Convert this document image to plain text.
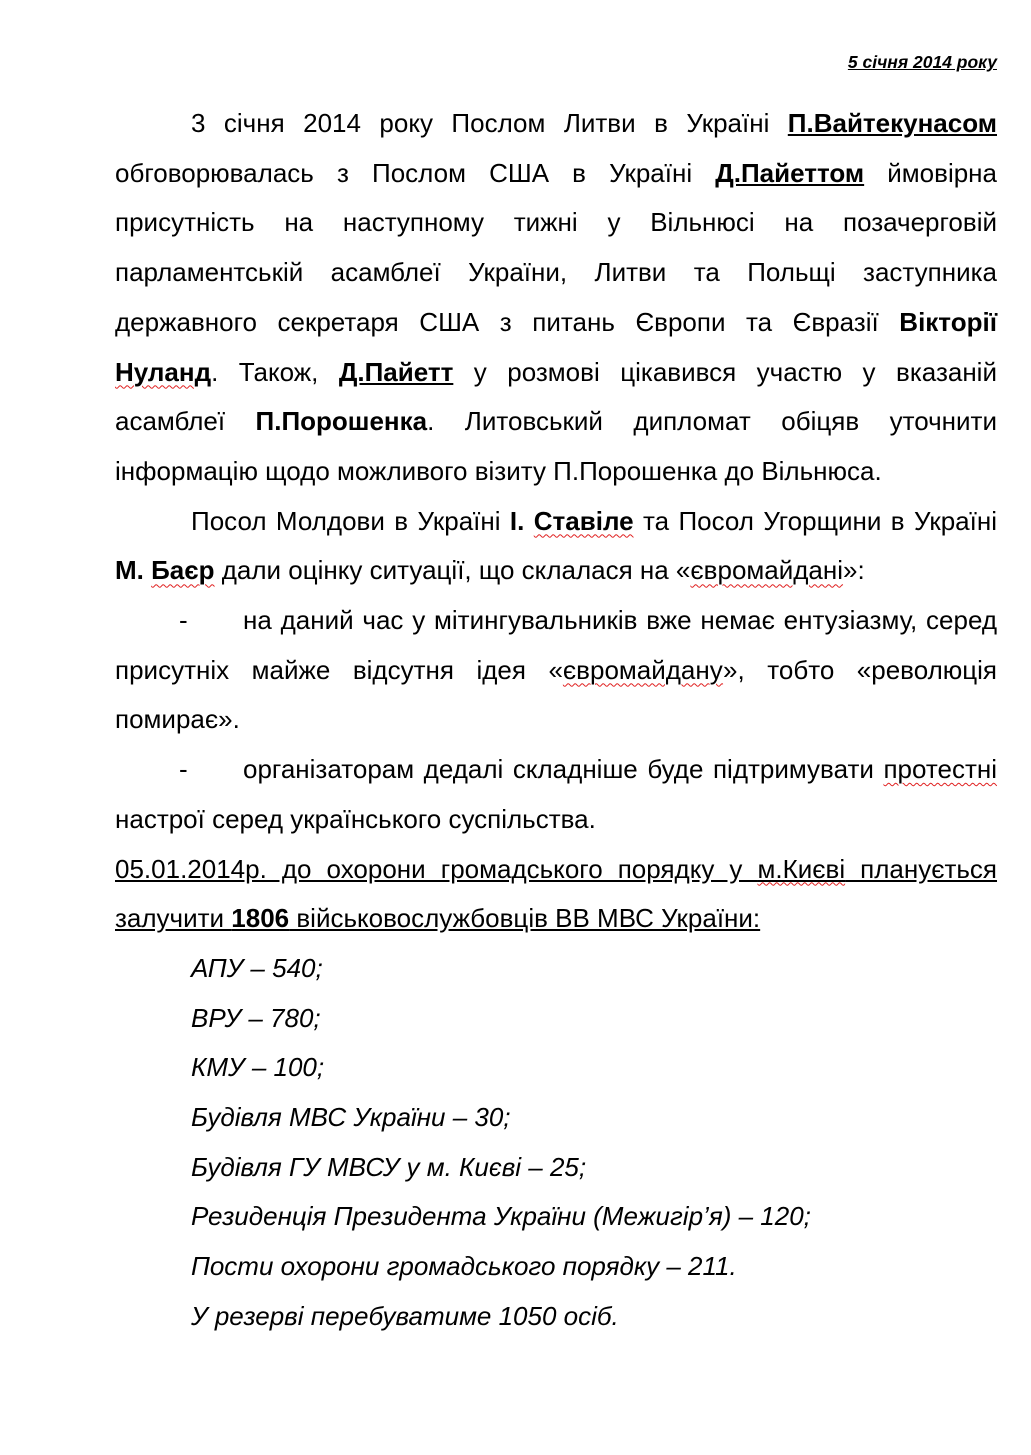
5 січня 2014 року

3 січня 2014 року Послом Литви в Україні П.Вайтекунасом обговорювалась з Послом США в Україні Д.Пайеттом ймовірна присутність на наступному тижні у Вільнюсі на позачерговій парламентській асамблеї України, Литви та Польщі заступника державного секретаря США з питань Європи та Євразії Вікторії Нуланд. Також, Д.Пайетт у розмові цікавився участю у вказаній асамблеї П.Порошенка. Литовський дипломат обіцяв уточнити інформацію щодо можливого візиту П.Порошенка до Вільнюса.

Посол Молдови в Україні І. Ставіле та Посол Угорщини в Україні М. Баєр дали оцінку ситуації, що склалася на «євромайдані»:

- на даний час у мітингувальників вже немає ентузіазму, серед присутніх майже відсутня ідея «євромайдану», тобто «революція помирає».

- організаторам дедалі складніше буде підтримувати протестні настрої серед українського суспільства.

05.01.2014р. до охорони громадського порядку у м.Києві планується залучити 1806 військовослужбовців ВВ МВС України:

АПУ – 540;
ВРУ – 780;
КМУ – 100;
Будівля МВС України – 30;
Будівля ГУ МВСУ у м. Києві – 25;
Резиденція Президента України (Межигір’я) – 120;
Пости охорони громадського порядку – 211.
У резерві перебуватиме 1050 осіб.
